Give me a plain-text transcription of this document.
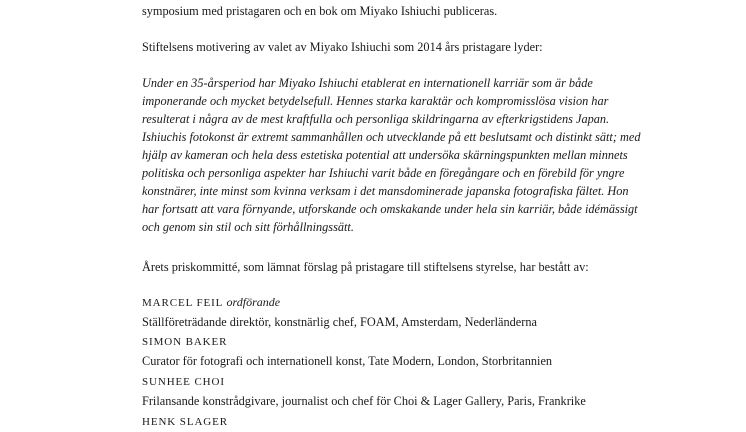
symposium med pristagaren och en bok om Miyako Ishiuchi publiceras.

Stiftelsens motivering av valet av Miyako Ishiuchi som 2014 års pristagare lyder:

Under en 35-årsperiod har Miyako Ishiuchi etablerat en internationell karriär som är både
imponerande och mycket betydelsefull. Hennes starka karaktär och kompromisslösa vision har
resulterat i några av de mest kraftfulla och personliga skildringarna av efterkrigstidens Japan.
Ishiuchis fotokonst är extremt sammanhållen och utvecklande på ett beslutsamt och distinkt sätt; med
hjälp av kameran och hela dess estetiska potential att undersöka skärningspunkten mellan minnets
politiska och personliga aspekter har Ishiuchi varit både en föregångare och en förebild för yngre
konstnärer, inte minst som kvinna verksam i det mansdominerade japanska fotografiska fältet. Hon
har fortsatt att vara förnyande, utforskande och omskakande under hela sin karriär, både idémässigt
och genom sin stil och sitt förhållningssätt.

Årets priskommitté, som lämnat förslag på pristagare till stiftelsens styrelse, har bestått av:

MARCEL FEIL ordförande
Ställföreträdande direktör, konstnärlig chef, FOAM, Amsterdam, Nederländerna
SIMON BAKER
Curator för fotografi och internationell konst, Tate Modern, London, Storbritannien
SUNHEE CHOI
Frilansande konstrådgivare, journalist och chef för Choi & Lager Gallery, Paris, Frankrike
HENK SLAGER
